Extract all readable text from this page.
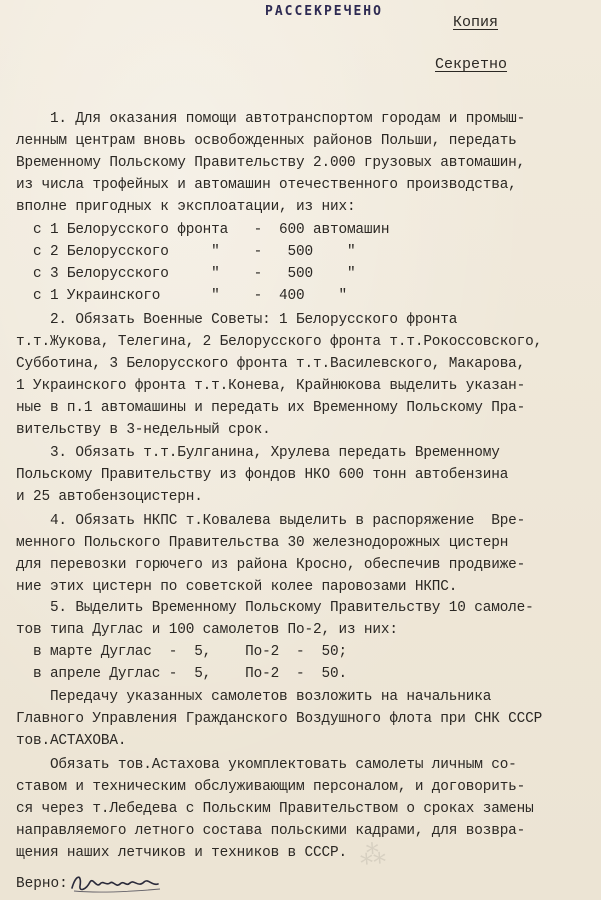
РАССЕКРЕЧЕНО
Копия
Секретно
1. Для оказания помощи автотранспортом городам и промыш-
ленным центрам вновь освобожденных районов Польши, передать
Временному Польскому Правительству 2.000 грузовых автомашин,
из числа трофейных и автомашин отечественного производства,
вполне пригодных к эксплоатации, из них:
с 1 Белорусского фронта   -  600 автомашин
с 2 Белорусского     "    -   500    "
с 3 Белорусского     "    -   500    "
с 1 Украинского      "    -  400    "
2. Обязать Военные Советы: 1 Белорусского фронта
т.т.Жукова, Телегина, 2 Белорусского фронта т.т.Рокоссовского,
Субботина, 3 Белорусского фронта т.т.Василевского, Макарова,
1 Украинского фронта т.т.Конева, Крайнюкова выделить указан-
ные в п.1 автомашины и передать их Временному Польскому Пра-
вительству в 3-недельный срок.
3. Обязать т.т.Булганина, Хрулева передать Временному
Польскому Правительству из фондов НКО 600 тонн автобензина
и 25 автобензоцистерн.
4. Обязать НКПС т.Ковалева выделить в распоряжение  Вре-
менного Польского Правительства 30 железнодорожных цистерн
для перевозки горючего из района Кросно, обеспечив продвиже-
ние этих цистерн по советской колее паровозами НКПС.
5. Выделить Временному Польскому Правительству 10 самоле-
тов типа Дуглас и 100 самолетов По-2, из них:
в марте Дуглас  -  5,    По-2  -  50;
в апреле Дуглас -  5,    По-2  -  50.
Передачу указанных самолетов возложить на начальника
Главного Управления Гражданского Воздушного флота при СНК СССР
тов.АСТАХОВА.
Обязать тов.Астахова укомплектовать самолеты личным со-
ставом и техническим обслуживающим персоналом, и договорить-
ся через т.Лебедева с Польским Правительством о сроках замены
направляемого летного состава польскими кадрами, для возвра-
щения наших летчиков и техников в СССР. ⁂
Верно:
